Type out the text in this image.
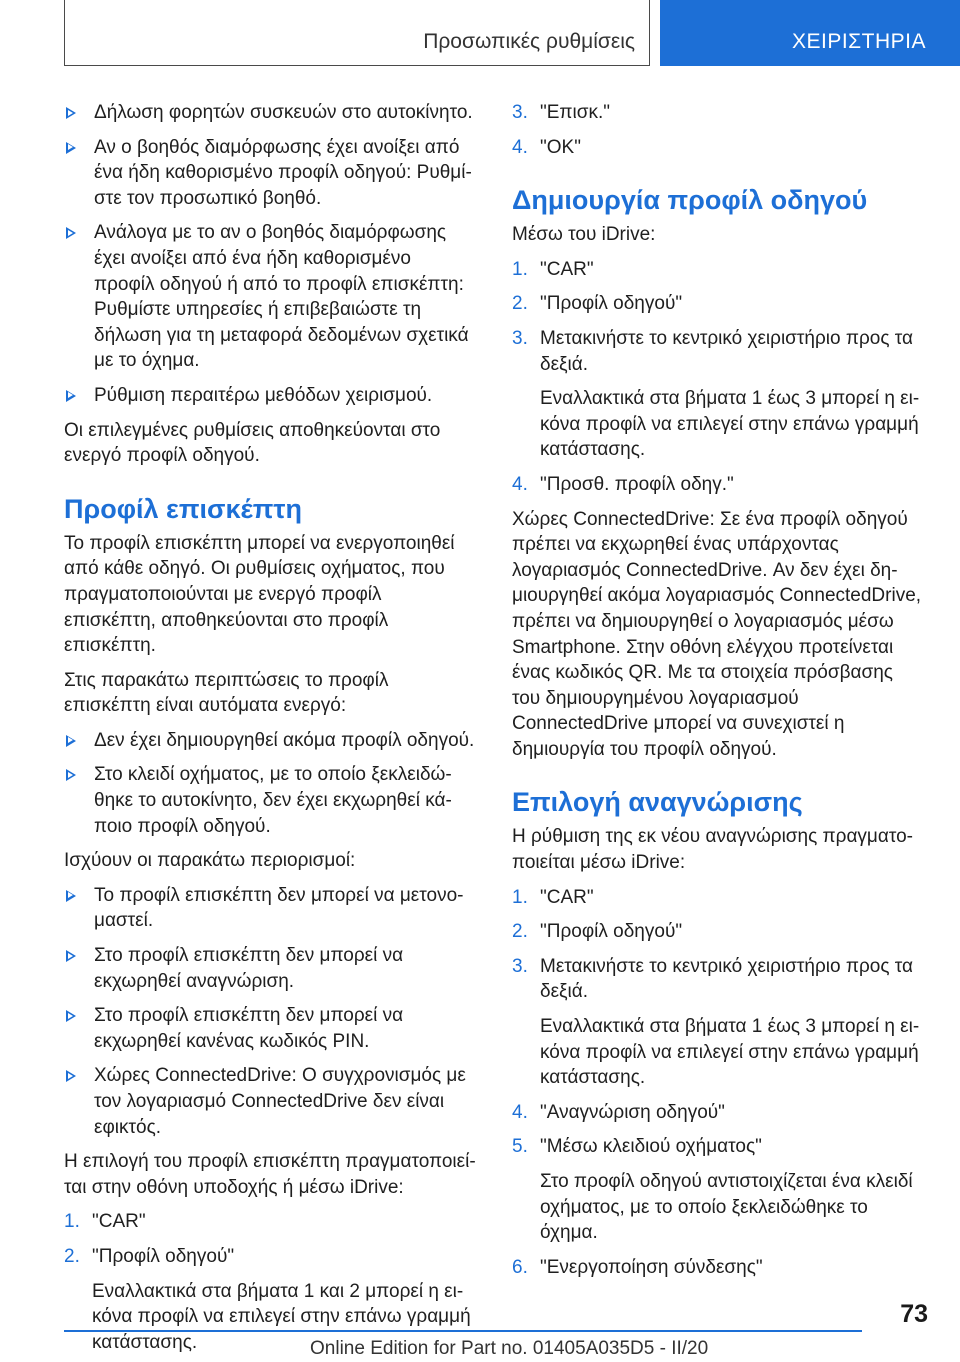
Προσωπικές ρυθμίσεις	ΧΕΙΡΙΣΤΗΡΙΑ
Δήλωση φορητών συσκευών στο αυτοκίνητο.
Αν ο βοηθός διαμόρφωσης έχει ανοίξει από ένα ήδη καθορισμένο προφίλ οδηγού: Ρυθμίστε τον προσωπικό βοηθό.
Ανάλογα με το αν ο βοηθός διαμόρφωσης έχει ανοίξει από ένα ήδη καθορισμένο προφίλ οδηγού ή από το προφίλ επισκέπτη: Ρυθμίστε υπηρεσίες ή επιβεβαιώστε τη δήλωση για τη μεταφορά δεδομένων σχετικά με το όχημα.
Ρύθμιση περαιτέρω μεθόδων χειρισμού.

Οι επιλεγμένες ρυθμίσεις αποθηκεύονται στο ενεργό προφίλ οδηγού.

Προφίλ επισκέπτη

Το προφίλ επισκέπτη μπορεί να ενεργοποιηθεί από κάθε οδηγό. Οι ρυθμίσεις οχήματος, που πραγματοποιούνται με ενεργό προφίλ επισκέπτη, αποθηκεύονται στο προφίλ επισκέπτη.

Στις παρακάτω περιπτώσεις το προφίλ επισκέπτη είναι αυτόματα ενεργό:

Δεν έχει δημιουργηθεί ακόμα προφίλ οδηγού.
Στο κλειδί οχήματος, με το οποίο ξεκλειδώθηκε το αυτοκίνητο, δεν έχει εκχωρηθεί κάποιο προφίλ οδηγού.

Ισχύουν οι παρακάτω περιορισμοί:

Το προφίλ επισκέπτη δεν μπορεί να μετονομαστεί.
Στο προφίλ επισκέπτη δεν μπορεί να εκχωρηθεί αναγνώριση.
Στο προφίλ επισκέπτη δεν μπορεί να εκχωρηθεί κανένας κωδικός PIN.
Χώρες ConnectedDrive: Ο συγχρονισμός με τον λογαριασμό ConnectedDrive δεν είναι εφικτός.

Η επιλογή του προφίλ επισκέπτη πραγματοποιείται στην οθόνη υποδοχής ή μέσω iDrive:

1. "CAR"
2. "Προφίλ οδηγού"

Εναλλακτικά στα βήματα 1 και 2 μπορεί η εικόνα προφίλ να επιλεγεί στην επάνω γραμμή κατάστασης.

3. "Επισκ."
4. "OK"
Δημιουργία προφίλ οδηγού

Μέσω του iDrive:

1. "CAR"
2. "Προφίλ οδηγού"
3. Μετακινήστε το κεντρικό χειριστήριο προς τα δεξιά.

Εναλλακτικά στα βήματα 1 έως 3 μπορεί η εικόνα προφίλ να επιλεγεί στην επάνω γραμμή κατάστασης.

4. "Προσθ. προφίλ οδηγ."

Χώρες ConnectedDrive: Σε ένα προφίλ οδηγού πρέπει να εκχωρηθεί ένας υπάρχοντας λογαριασμός ConnectedDrive. Αν δεν έχει δημιουργηθεί ακόμα λογαριασμός ConnectedDrive, πρέπει να δημιουργηθεί ο λογαριασμός μέσω Smartphone. Στην οθόνη ελέγχου προτείνεται ένας κωδικός QR. Με τα στοιχεία πρόσβασης του δημιουργημένου λογαριασμού ConnectedDrive μπορεί να συνεχιστεί η δημιουργία του προφίλ οδηγού.

Επιλογή αναγνώρισης

Η ρύθμιση της εκ νέου αναγνώρισης πραγματοποιείται μέσω iDrive:

1. "CAR"
2. "Προφίλ οδηγού"
3. Μετακινήστε το κεντρικό χειριστήριο προς τα δεξιά.

Εναλλακτικά στα βήματα 1 έως 3 μπορεί η εικόνα προφίλ να επιλεγεί στην επάνω γραμμή κατάστασης.

4. "Αναγνώριση οδηγού"
5. "Μέσω κλειδιού οχήματος"

Στο προφίλ οδηγού αντιστοιχίζεται ένα κλειδί οχήματος, με το οποίο ξεκλειδώθηκε το όχημα.

6. "Ενεργοποίηση σύνδεσης"
73
Online Edition for Part no. 01405A035D5 - II/20
